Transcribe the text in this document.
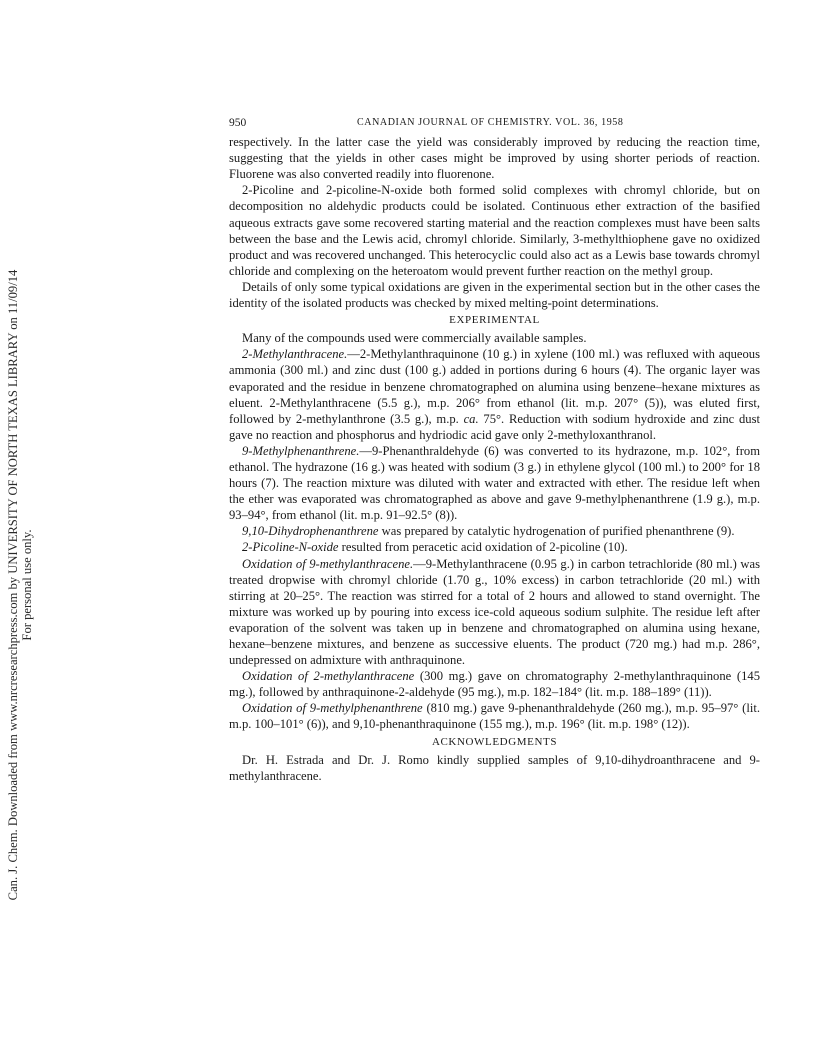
Can. J. Chem. Downloaded from www.nrcresearchpress.com by UNIVERSITY OF NORTH TEXAS LIBRARY on 11/09/14 For personal use only.
950	CANADIAN JOURNAL OF CHEMISTRY. VOL. 36, 1958

respectively. In the latter case the yield was considerably improved by reducing the reaction time, suggesting that the yields in other cases might be improved by using shorter periods of reaction. Fluorene was also converted readily into fluorenone.

2-Picoline and 2-picoline-N-oxide both formed solid complexes with chromyl chloride, but on decomposition no aldehydic products could be isolated. Continuous ether extraction of the basified aqueous extracts gave some recovered starting material and the reaction complexes must have been salts between the base and the Lewis acid, chromyl chloride. Similarly, 3-methylthiophene gave no oxidized product and was recovered unchanged. This heterocyclic could also act as a Lewis base towards chromyl chloride and complexing on the heteroatom would prevent further reaction on the methyl group.

Details of only some typical oxidations are given in the experimental section but in the other cases the identity of the isolated products was checked by mixed melting-point determinations.

EXPERIMENTAL

Many of the compounds used were commercially available samples.

2-Methylanthracene.—2-Methylanthraquinone (10 g.) in xylene (100 ml.) was refluxed with aqueous ammonia (300 ml.) and zinc dust (100 g.) added in portions during 6 hours (4). The organic layer was evaporated and the residue in benzene chromatographed on alumina using benzene–hexane mixtures as eluent. 2-Methylanthracene (5.5 g.), m.p. 206° from ethanol (lit. m.p. 207° (5)), was eluted first, followed by 2-methylanthrone (3.5 g.), m.p. ca. 75°. Reduction with sodium hydroxide and zinc dust gave no reaction and phosphorus and hydriodic acid gave only 2-methyloxanthranol.

9-Methylphenanthrene.—9-Phenanthraldehyde (6) was converted to its hydrazone, m.p. 102°, from ethanol. The hydrazone (16 g.) was heated with sodium (3 g.) in ethylene glycol (100 ml.) to 200° for 18 hours (7). The reaction mixture was diluted with water and extracted with ether. The residue left when the ether was evaporated was chromatographed as above and gave 9-methylphenanthrene (1.9 g.), m.p. 93–94°, from ethanol (lit. m.p. 91–92.5° (8)).

9,10-Dihydrophenanthrene was prepared by catalytic hydrogenation of purified phenanthrene (9).

2-Picoline-N-oxide resulted from peracetic acid oxidation of 2-picoline (10).

Oxidation of 9-methylanthracene.—9-Methylanthracene (0.95 g.) in carbon tetrachloride (80 ml.) was treated dropwise with chromyl chloride (1.70 g., 10% excess) in carbon tetrachloride (20 ml.) with stirring at 20–25°. The reaction was stirred for a total of 2 hours and allowed to stand overnight. The mixture was worked up by pouring into excess ice-cold aqueous sodium sulphite. The residue left after evaporation of the solvent was taken up in benzene and chromatographed on alumina using hexane, hexane–benzene mixtures, and benzene as successive eluents. The product (720 mg.) had m.p. 286°, undepressed on admixture with anthraquinone.

Oxidation of 2-methylanthracene (300 mg.) gave on chromatography 2-methylanthraquinone (145 mg.), followed by anthraquinone-2-aldehyde (95 mg.), m.p. 182–184° (lit. m.p. 188–189° (11)).

Oxidation of 9-methylphenanthrene (810 mg.) gave 9-phenanthraldehyde (260 mg.), m.p. 95–97° (lit. m.p. 100–101° (6)), and 9,10-phenanthraquinone (155 mg.), m.p. 196° (lit. m.p. 198° (12)).

ACKNOWLEDGMENTS

Dr. H. Estrada and Dr. J. Romo kindly supplied samples of 9,10-dihydroanthracene and 9-methylanthracene.
